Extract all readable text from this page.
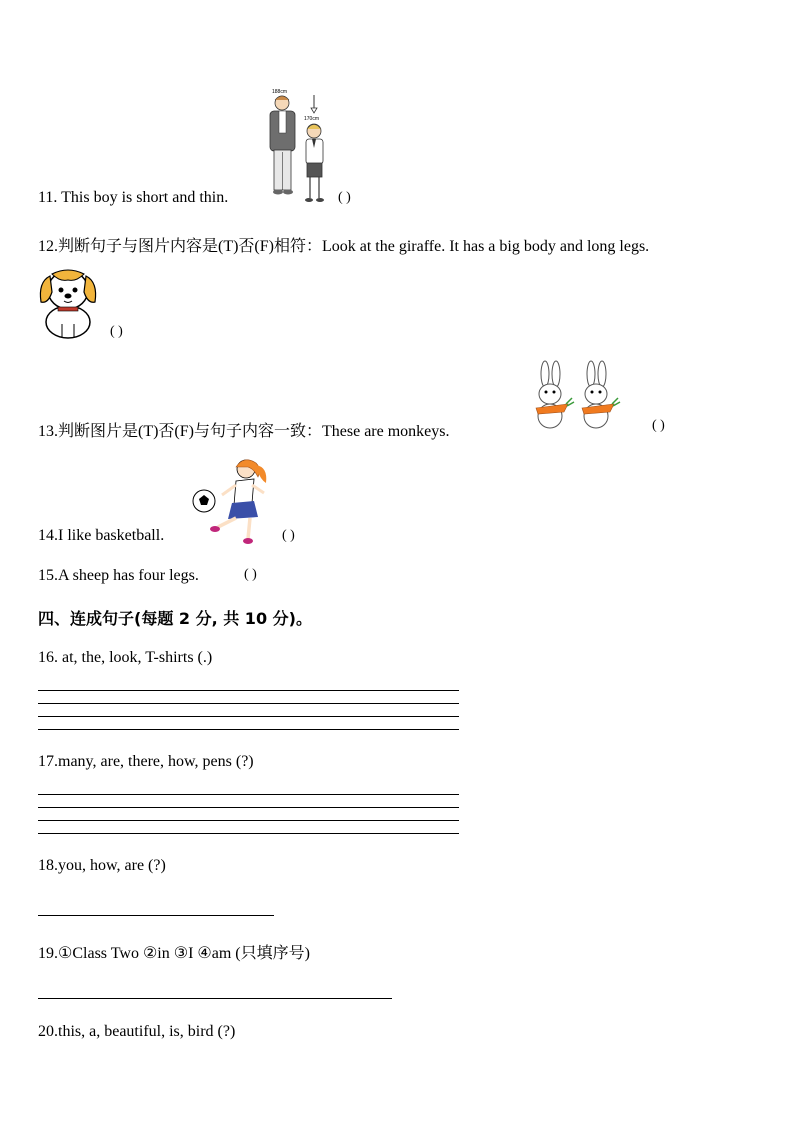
11. This boy is short and thin.	( )
188cm
170cm
12.判断句子与图片内容是(T)否(F)相符：Look at the giraffe. It has a big body and long legs.
( )
13.判断图片是(T)否(F)与句子内容一致：These are monkeys.	( )
14.I like basketball.	( )
15.A sheep has four legs.	( )
四、连成句子(每题 2 分, 共 10 分)。
16. at, the, look, T-shirts (.)
17.many, are, there, how, pens (?)
18.you, how, are (?)
19.①Class Two ②in ③I ④am (只填序号)
20.this, a, beautiful, is, bird (?)
